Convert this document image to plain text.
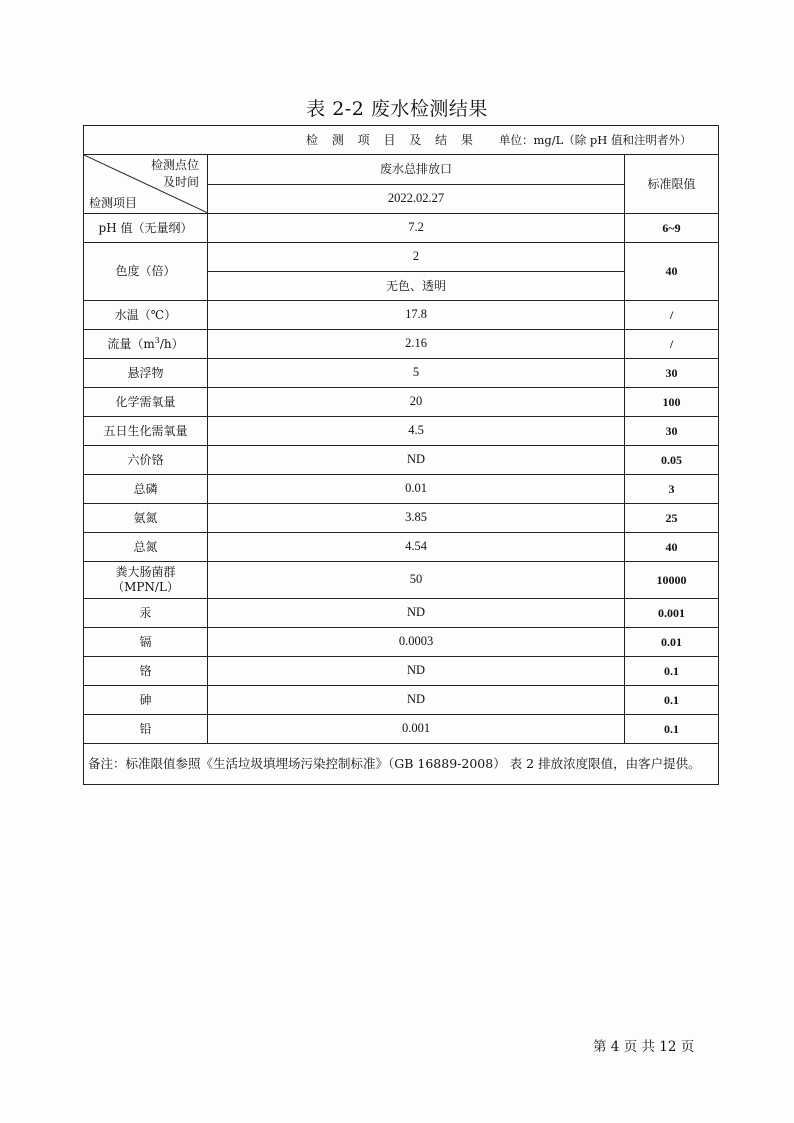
表 2-2 废水检测结果
检 测 项 目 及 结 果 单位：mg/L（除 pH 值和注明者外）		

检测点位
及时间
检测项目	废水总排放口	标准限值
	2022.02.27	
pH 值（无量纲）	7.2	6~9
色度（倍）	2	40
	无色、透明	
水温（℃）	17.8	/
流量$(m^3/h)$	2.16	/
悬浮物	5	30
化学需氧量	20	100
五日生化需氧量	4.5	30
六价铬	ND	0.05
总磷	0.01	3
氨氮	3.85	25
总氮	4.54	40

粪大肠菌群
（MPN/L）	50	10000
汞	ND	0.001
镉	0.0003	0.01
铬	ND	0.1
砷	ND	0.1
铅	0.001	0.1
备注：标准限值参照《生活垃圾填埋场污染控制标准》（GB 16889-2008） 表 2 排放浓度限值，由客户提供。		
第 4 页 共 12 页
